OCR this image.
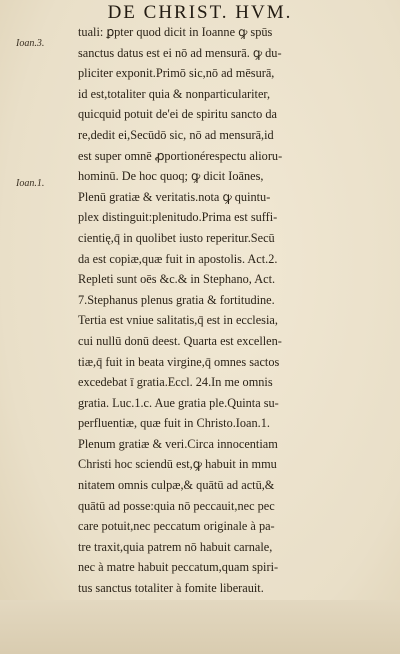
DE CHRIST. HVM.
Ioan.3.
Ioan.1.
tuali: ꝑpter quod dicit in Ioanne ꝙ spūs
sanctus datus est ei nō ad mensurā. ꝙ du-
pliciter exponit.Primō sic,nō ad mēsurā,
id est,totaliter quia & nonparticulariter,
quicquid potuit de'ei de spiritu sancto da
re,dedit ei,Secūdō sic, nō ad mensurā,id
est super omnē ꝓportionérespectu alioru-
hominū. De hoc quoq; ꝙ dicit Ioānes,
Plenū gratiæ & veritatis.nota ꝙ quintu-
plex distinguit:plenitudo.Prima est suffi-
cientię,q̄ in quolibet iusto reperitur.Secū
da est copiæ,quæ fuit in apostolis. Act.2.
Repleti sunt oēs &c.& in Stephano, Act.
7.Stephanus plenus gratia & fortitudine.
Tertia est vniue salitatis,q̄ est in ecclesia,
cui nullū donū deest. Quarta est excellen-
tiæ,q̄ fuit in beata virgine,q̄ omnes sactos
excedebat ī gratia.Eccl. 24.In me omnis
gratia. Luc.1.c. Aue gratia ple.Quinta su-
perfluentiæ, quæ fuit in Christo.Ioan.1.
Plenum gratiæ & veri.Circa innocentiam
Christi hoc sciendū est,ꝙ habuit in mmu
nitatem omnis culpæ,& quātū ad actū,&
quātū ad posse:quia nō peccauit,nec pec
care potuit,nec peccatum originale à pa-
tre traxit,quia patrem nō habuit carnale,
nec à matre habuit peccatum,quam spiri-
tus sanctus totaliter à fomite liberauit.
